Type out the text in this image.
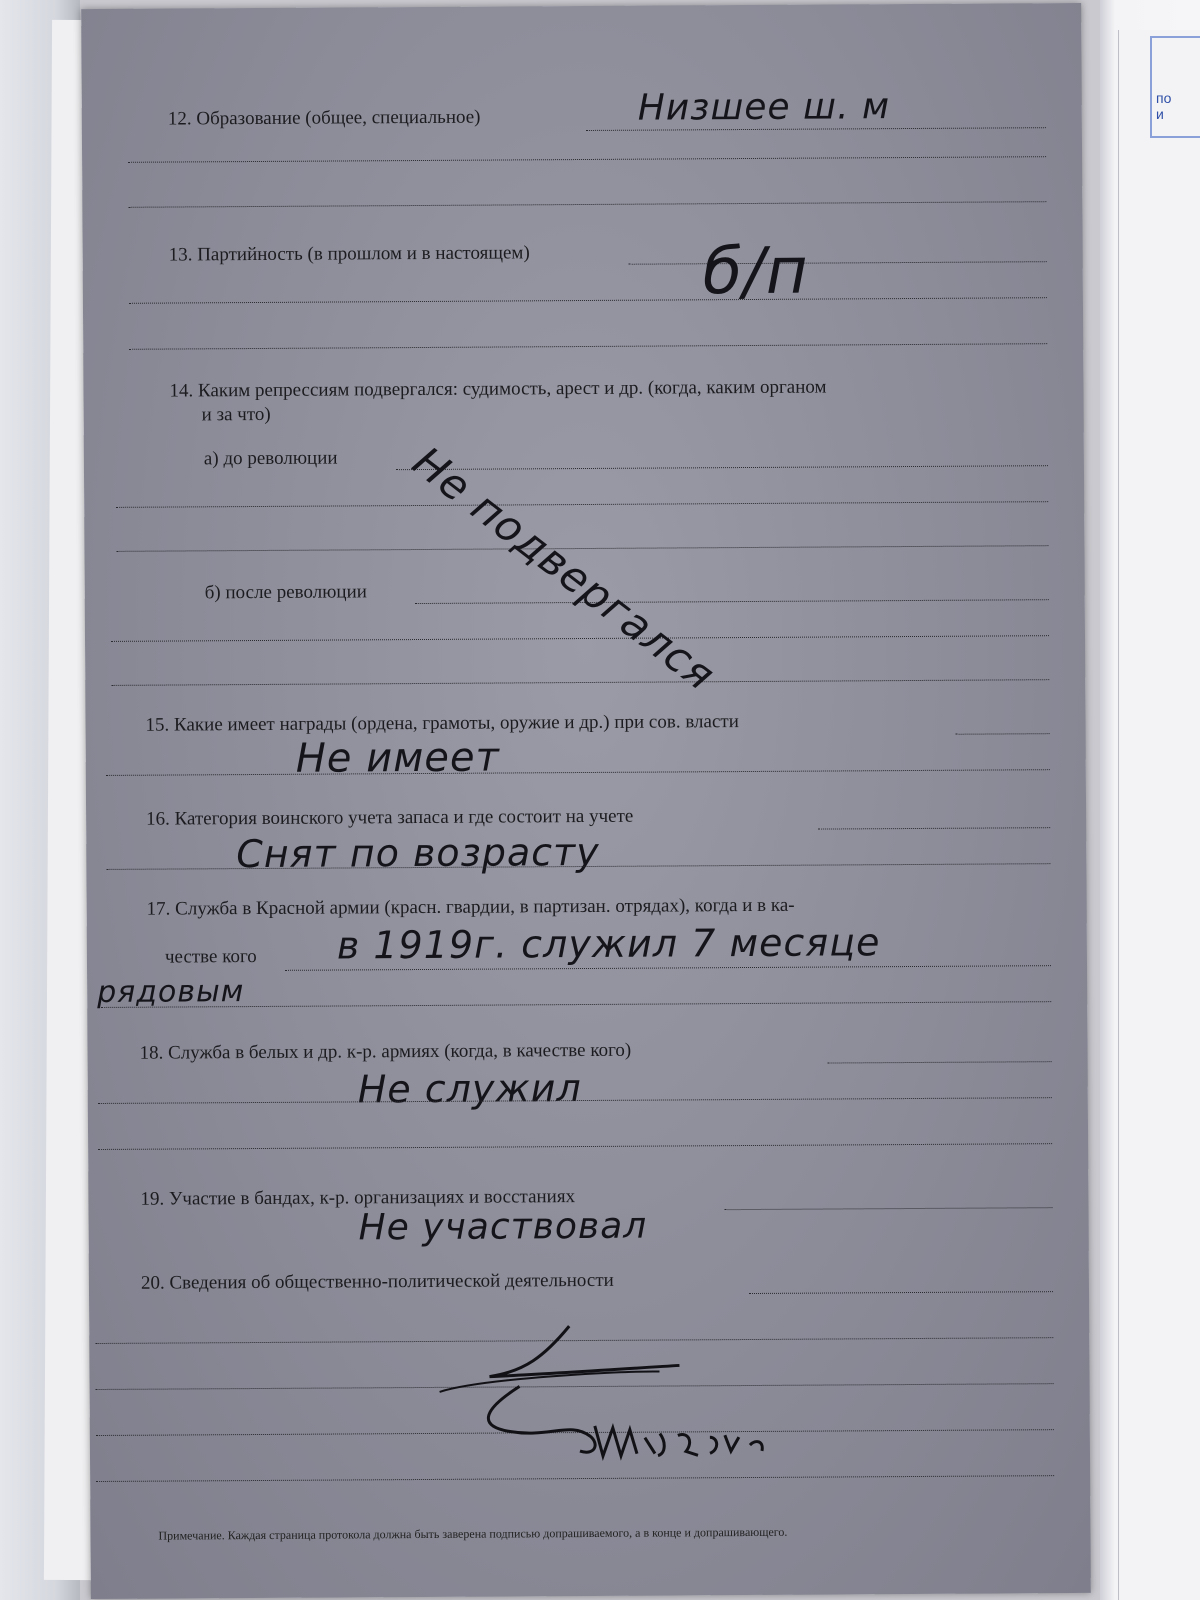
по
и
12. Образование (общее, специальное)	Низшее ш. м
13. Партийность (в прошлом и в настоящем)	б/п
14. Каким репрессиям подвергался: судимость, арест и др. (когда, каким органом
и за что)
а) до революции
б) после революции Не подвергался
15. Какие имеет награды (ордена, грамоты, оружие и др.) при сов. власти
Не имеет
16. Категория воинского учета запаса и где состоит на учете
Снят по возрасту
17. Служба в Красной армии (красн. гвардии, в партизан. отрядах), когда и в ка-
честве кого в 1919г. служил 7 месяце
рядовым
18. Служба в белых и др. к-р. армиях (когда, в качестве кого)
Не служил
19. Участие в бандах, к-р. организациях и восстаниях
Не участвовал
20. Сведения об общественно-политической деятельности
Примечание. Каждая страница протокола должна быть заверена подписью допрашиваемого, а в конце и допрашивающего.
